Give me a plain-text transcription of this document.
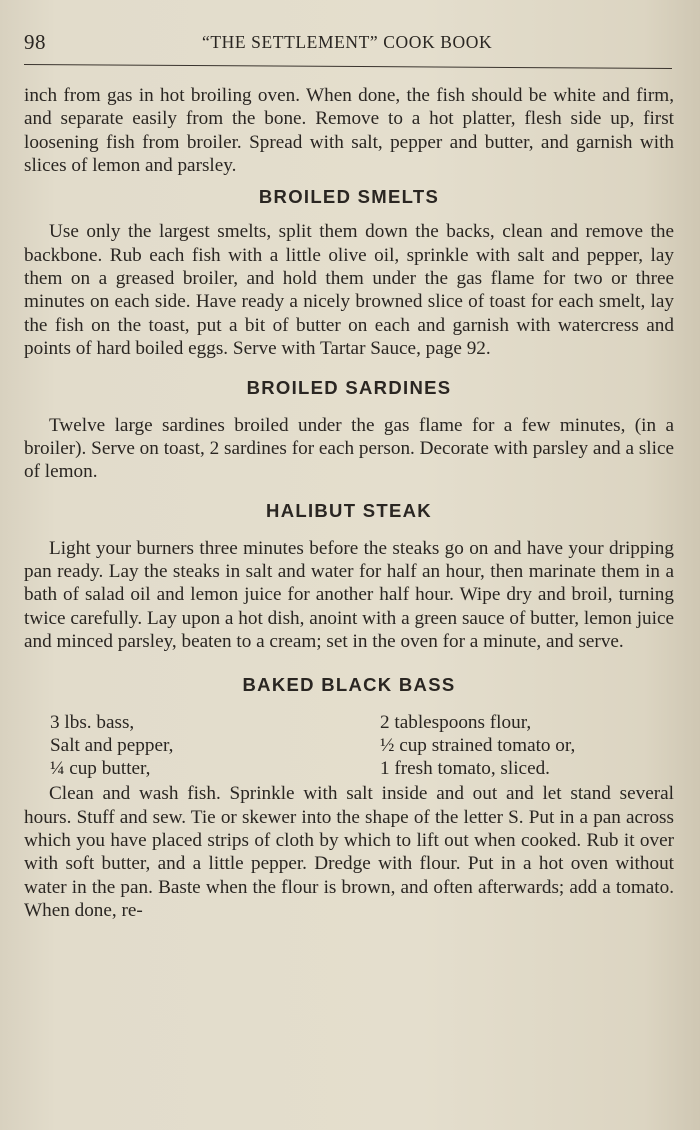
98	“THE SETTLEMENT” COOK BOOK

inch from gas in hot broiling oven. When done, the fish should be white and firm, and separate easily from the bone. Remove to a hot platter, flesh side up, first loosening fish from broiler. Spread with salt, pepper and butter, and garnish with slices of lemon and parsley.

BROILED SMELTS

Use only the largest smelts, split them down the backs, clean and remove the backbone. Rub each fish with a little olive oil, sprinkle with salt and pepper, lay them on a greased broiler, and hold them under the gas flame for two or three minutes on each side. Have ready a nicely browned slice of toast for each smelt, lay the fish on the toast, put a bit of butter on each and garnish with watercress and points of hard boiled eggs. Serve with Tartar Sauce, page 92.

BROILED SARDINES

Twelve large sardines broiled under the gas flame for a few minutes, (in a broiler). Serve on toast, 2 sardines for each person. Decorate with parsley and a slice of lemon.

HALIBUT STEAK

Light your burners three minutes before the steaks go on and have your dripping pan ready. Lay the steaks in salt and water for half an hour, then marinate them in a bath of salad oil and lemon juice for another half hour. Wipe dry and broil, turning twice carefully. Lay upon a hot dish, anoint with a green sauce of butter, lemon juice and minced parsley, beaten to a cream; set in the oven for a minute, and serve.

BAKED BLACK BASS
3 lbs. bass,	2 tablespoons flour,
Salt and pepper,	½ cup strained tomato or,
¼ cup butter,	1 fresh tomato, sliced.

Clean and wash fish. Sprinkle with salt inside and out and let stand several hours. Stuff and sew. Tie or skewer into the shape of the letter S. Put in a pan across which you have placed strips of cloth by which to lift out when cooked. Rub it over with soft butter, and a little pepper. Dredge with flour. Put in a hot oven without water in the pan. Baste when the flour is brown, and often afterwards; add a tomato. When done, re-
